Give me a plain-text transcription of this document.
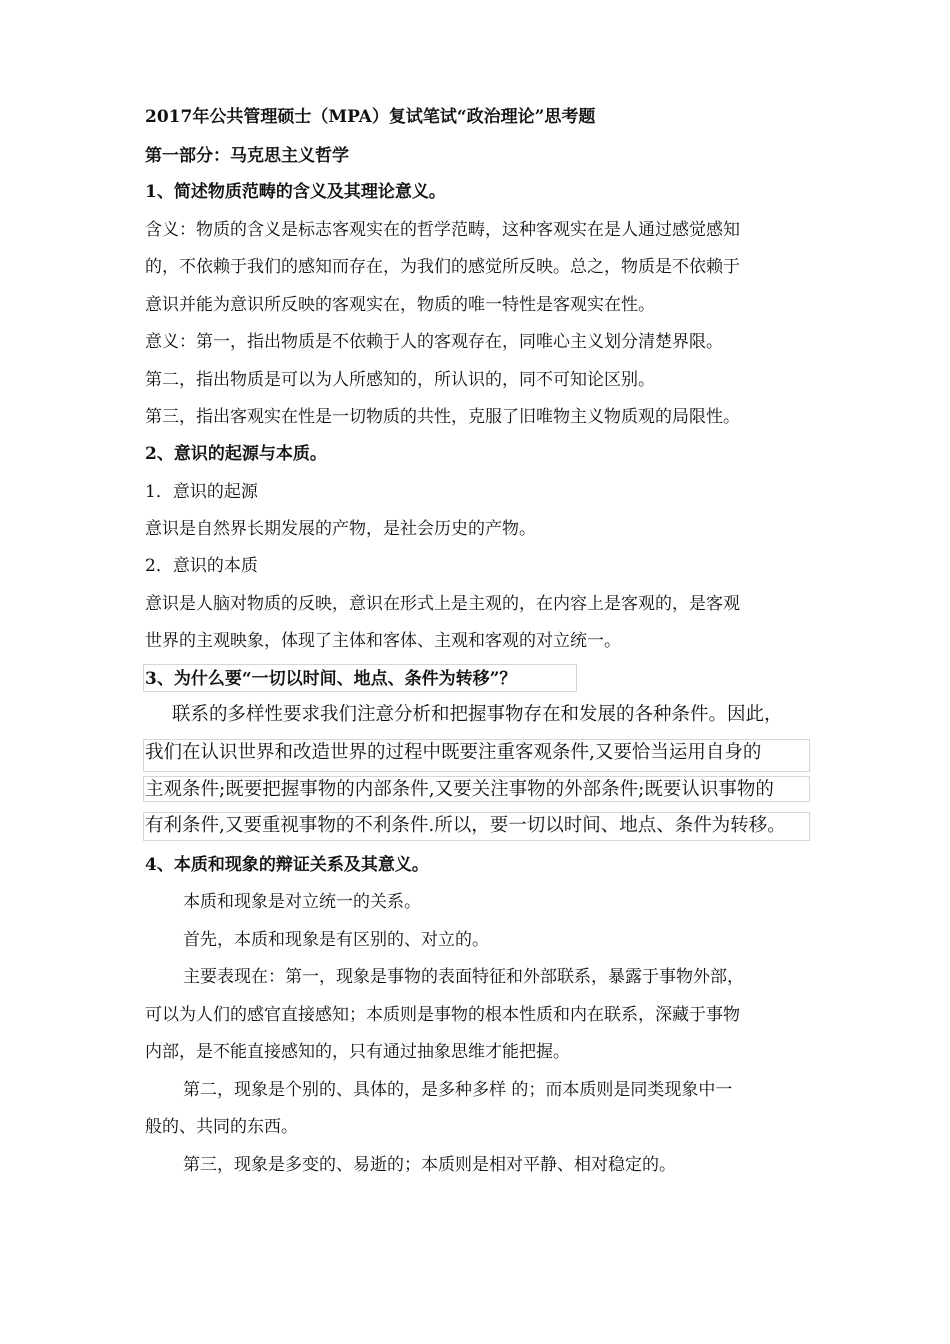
2017年公共管理硕士（MPA）复试笔试“政治理论”思考题
第一部分：马克思主义哲学
1、简述物质范畴的含义及其理论意义。
含义：物质的含义是标志客观实在的哲学范畴，这种客观实在是人通过感觉感知
的，不依赖于我们的感知而存在，为我们的感觉所反映。总之，物质是不依赖于
意识并能为意识所反映的客观实在，物质的唯一特性是客观实在性。
意义：第一，指出物质是不依赖于人的客观存在，同唯心主义划分清楚界限。
第二，指出物质是可以为人所感知的，所认识的，同不可知论区别。
第三，指出客观实在性是一切物质的共性，克服了旧唯物主义物质观的局限性。
2、意识的起源与本质。
1．意识的起源
意识是自然界长期发展的产物，是社会历史的产物。
2．意识的本质
意识是人脑对物质的反映，意识在形式上是主观的，在内容上是客观的，是客观
世界的主观映象，体现了主体和客体、主观和客观的对立统一。
3、为什么要“一切以时间、地点、条件为转移”？
联系的多样性要求我们注意分析和把握事物存在和发展的各种条件。因此，
我们在认识世界和改造世界的过程中既要注重客观条件,又要恰当运用自身的
主观条件;既要把握事物的内部条件,又要关注事物的外部条件;既要认识事物的
有利条件,又要重视事物的不利条件.所以，要一切以时间、地点、条件为转移。
4、本质和现象的辩证关系及其意义。
本质和现象是对立统一的关系。
首先，本质和现象是有区别的、对立的。
主要表现在：第一，现象是事物的表面特征和外部联系，暴露于事物外部，
可以为人们的感官直接感知；本质则是事物的根本性质和内在联系，深藏于事物
内部，是不能直接感知的，只有通过抽象思维才能把握。
第二，现象是个别的、具体的，是多种多样 的；而本质则是同类现象中一
般的、共同的东西。
第三，现象是多变的、易逝的；本质则是相对平静、相对稳定的。
